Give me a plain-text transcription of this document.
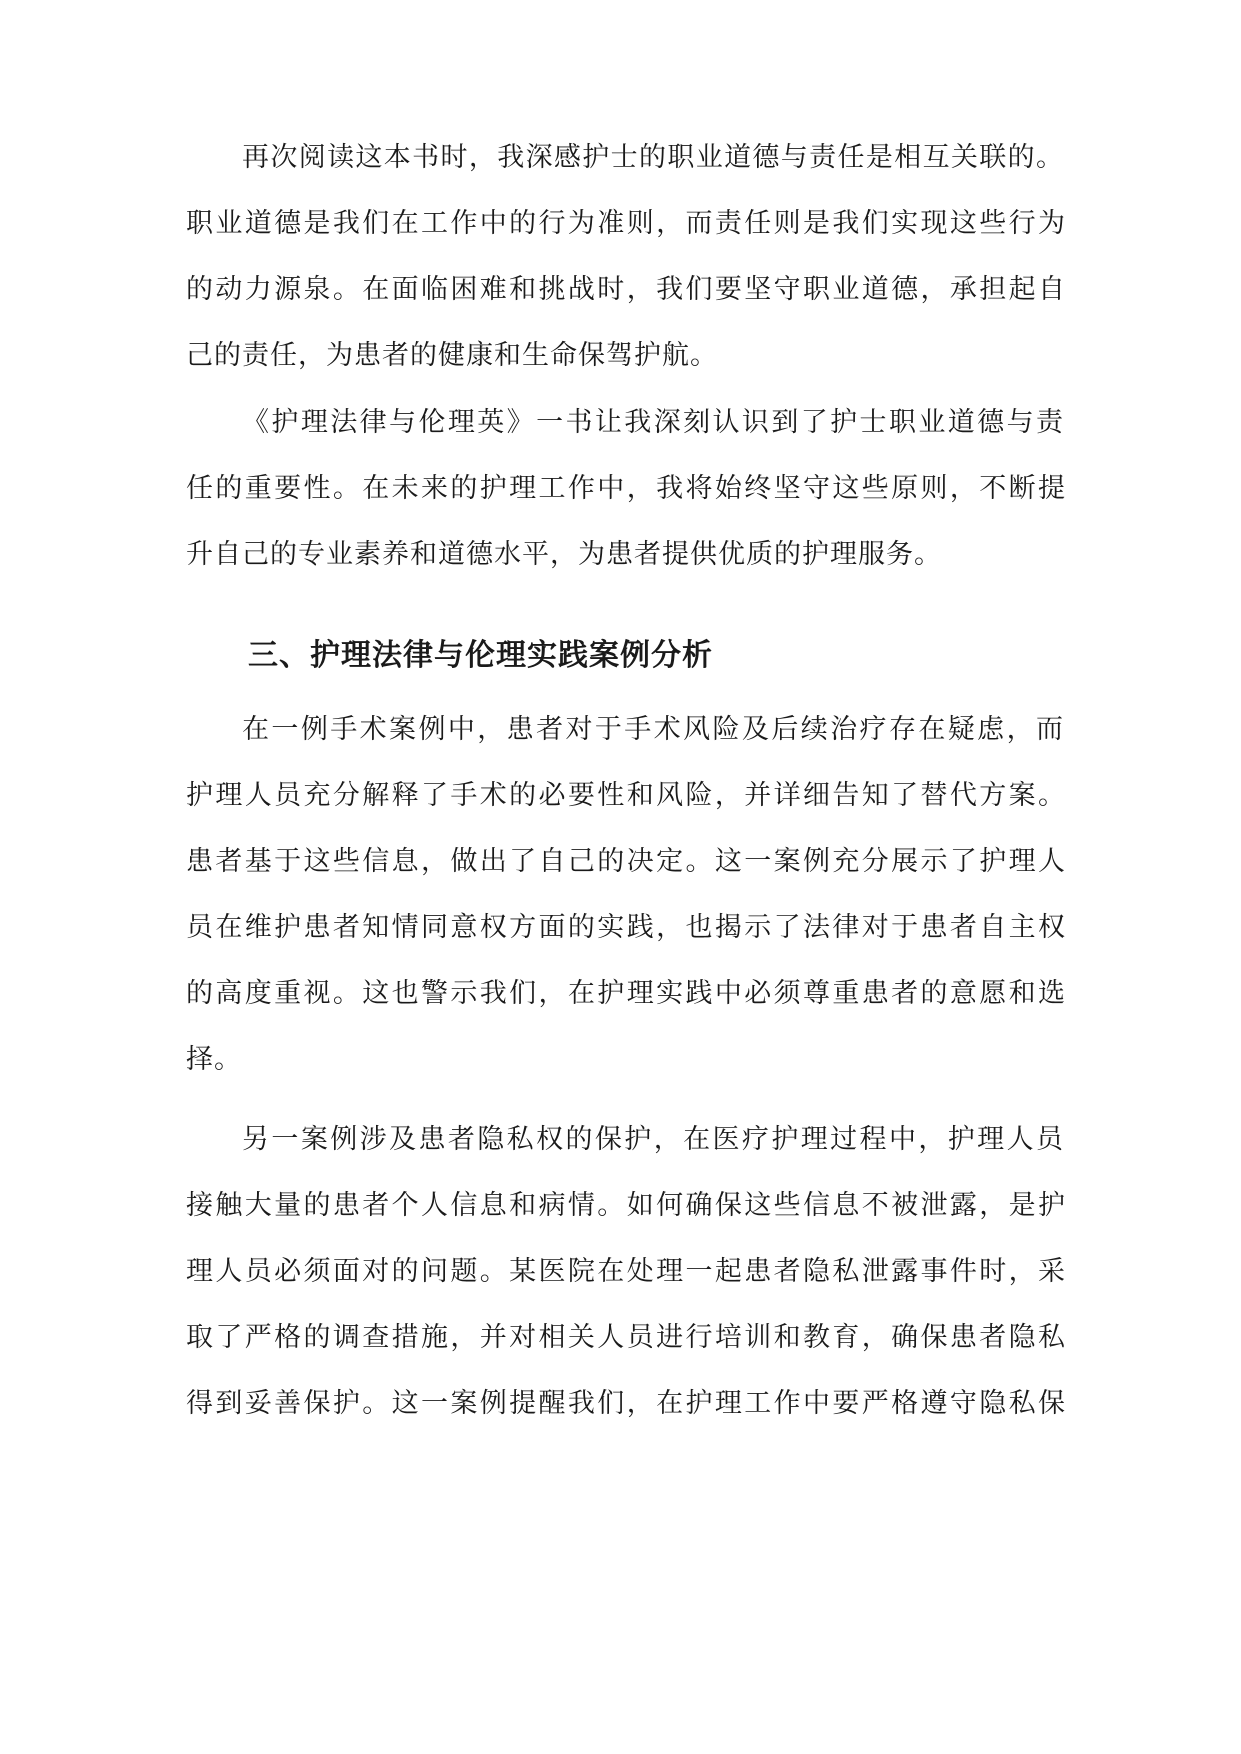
再次阅读这本书时，我深感护士的职业道德与责任是相互关联的。
职业道德是我们在工作中的行为准则，而责任则是我们实现这些行为
的动力源泉。在面临困难和挑战时，我们要坚守职业道德，承担起自
己的责任，为患者的健康和生命保驾护航。
《护理法律与伦理英》一书让我深刻认识到了护士职业道德与责
任的重要性。在未来的护理工作中，我将始终坚守这些原则，不断提
升自己的专业素养和道德水平，为患者提供优质的护理服务。
三、护理法律与伦理实践案例分析
在一例手术案例中，患者对于手术风险及后续治疗存在疑虑，而
护理人员充分解释了手术的必要性和风险，并详细告知了替代方案。
患者基于这些信息，做出了自己的决定。这一案例充分展示了护理人
员在维护患者知情同意权方面的实践，也揭示了法律对于患者自主权
的高度重视。这也警示我们，在护理实践中必须尊重患者的意愿和选
择。
另一案例涉及患者隐私权的保护，在医疗护理过程中，护理人员
接触大量的患者个人信息和病情。如何确保这些信息不被泄露，是护
理人员必须面对的问题。某医院在处理一起患者隐私泄露事件时，采
取了严格的调查措施，并对相关人员进行培训和教育，确保患者隐私
得到妥善保护。这一案例提醒我们，在护理工作中要严格遵守隐私保
